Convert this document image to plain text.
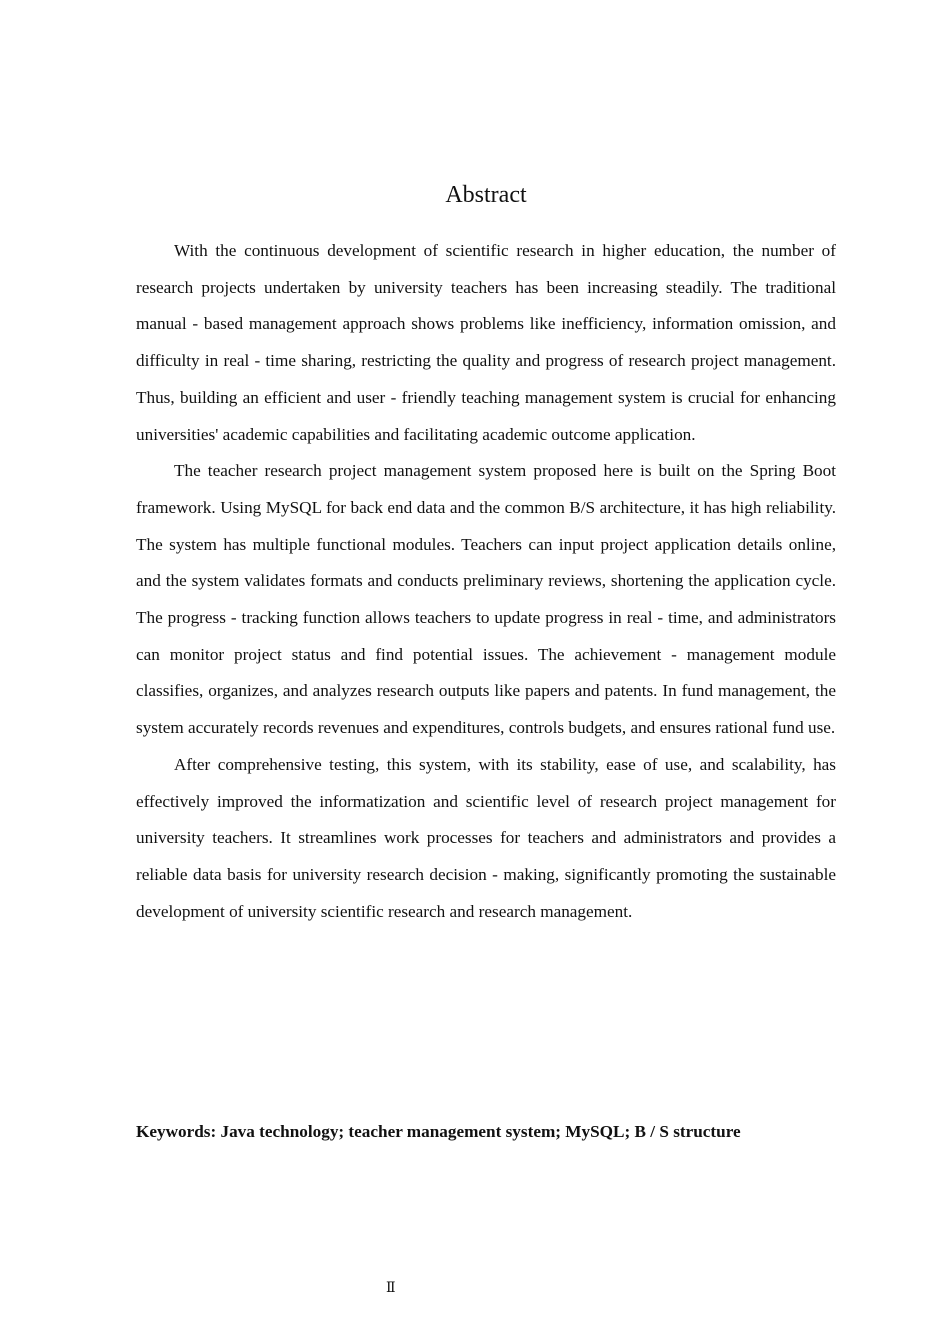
Abstract

With the continuous development of scientific research in higher education, the number of research projects undertaken by university teachers has been increasing steadily. The traditional manual - based management approach shows problems like inefficiency, information omission, and difficulty in real - time sharing, restricting the quality and progress of research project management. Thus, building an efficient and user - friendly teaching management system is crucial for enhancing universities' academic capabilities and facilitating academic outcome application.

The teacher research project management system proposed here is built on the Spring Boot framework. Using MySQL for back end data and the common B/S architecture, it has high reliability. The system has multiple functional modules. Teachers can input project application details online, and the system validates formats and conducts preliminary reviews, shortening the application cycle. The progress - tracking function allows teachers to update progress in real - time, and administrators can monitor project status and find potential issues. The achievement - management module classifies, organizes, and analyzes research outputs like papers and patents. In fund management, the system accurately records revenues and expenditures, controls budgets, and ensures rational fund use.

After comprehensive testing, this system, with its stability, ease of use, and scalability, has effectively improved the informatization and scientific level of research project management for university teachers. It streamlines work processes for teachers and administrators and provides a reliable data basis for university research decision - making, significantly promoting the sustainable development of university scientific research and research management.

Keywords: Java technology; teacher management system; MySQL; B / S structure

Ⅱ
